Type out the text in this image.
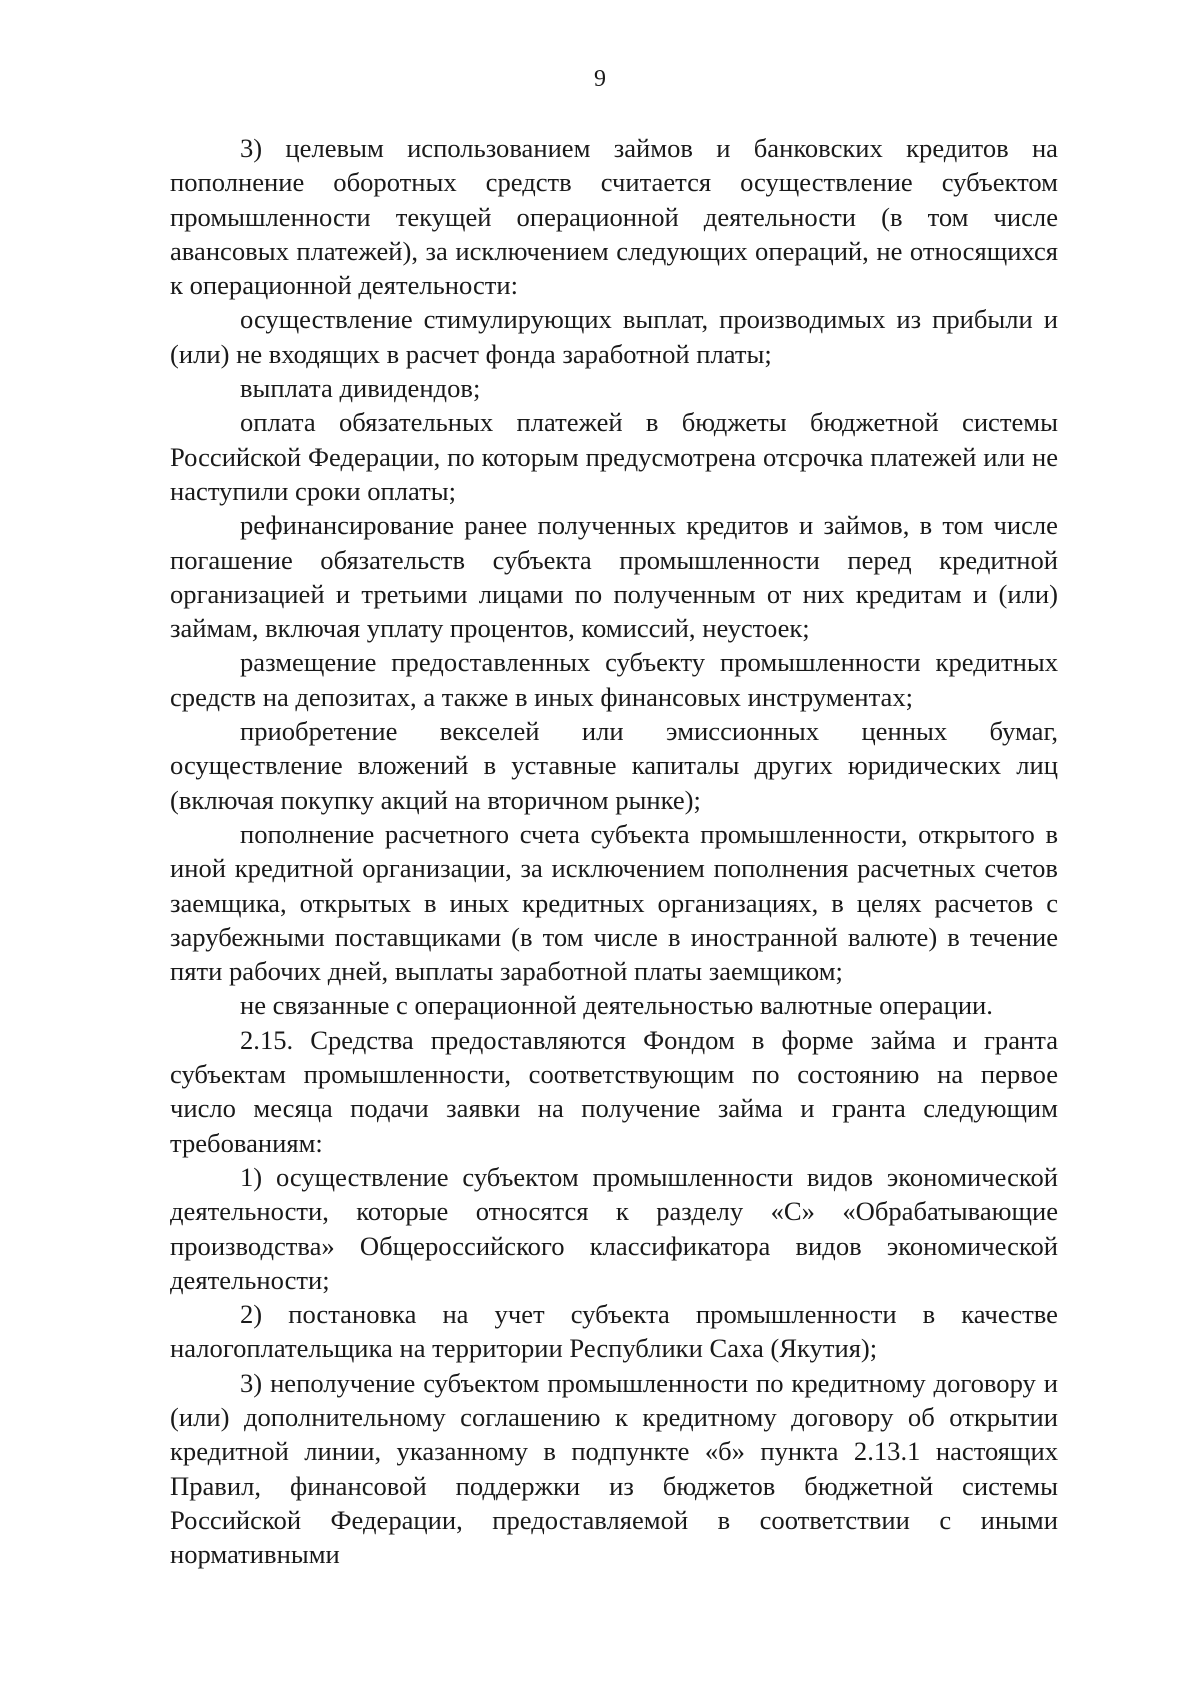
9

3) целевым использованием займов и банковских кредитов на пополнение оборотных средств считается осуществление субъектом промышленности текущей операционной деятельности (в том числе авансовых платежей), за исключением следующих операций, не относящихся к операционной деятельности:

осуществление стимулирующих выплат, производимых из прибыли и (или) не входящих в расчет фонда заработной платы;

выплата дивидендов;

оплата обязательных платежей в бюджеты бюджетной системы Российской Федерации, по которым предусмотрена отсрочка платежей или не наступили сроки оплаты;

рефинансирование ранее полученных кредитов и займов, в том числе погашение обязательств субъекта промышленности перед кредитной организацией и третьими лицами по полученным от них кредитам и (или) займам, включая уплату процентов, комиссий, неустоек;

размещение предоставленных субъекту промышленности кредитных средств на депозитах, а также в иных финансовых инструментах;

приобретение векселей или эмиссионных ценных бумаг, осуществление вложений в уставные капиталы других юридических лиц (включая покупку акций на вторичном рынке);

пополнение расчетного счета субъекта промышленности, открытого в иной кредитной организации, за исключением пополнения расчетных счетов заемщика, открытых в иных кредитных организациях, в целях расчетов с зарубежными поставщиками (в том числе в иностранной валюте) в течение пяти рабочих дней, выплаты заработной платы заемщиком;

не связанные с операционной деятельностью валютные операции.

2.15. Средства предоставляются Фондом в форме займа и гранта субъектам промышленности, соответствующим по состоянию на первое число месяца подачи заявки на получение займа и гранта следующим требованиям:

1) осуществление субъектом промышленности видов экономической деятельности, которые относятся к разделу «С» «Обрабатывающие производства» Общероссийского классификатора видов экономической деятельности;

2) постановка на учет субъекта промышленности в качестве налогоплательщика на территории Республики Саха (Якутия);

3) неполучение субъектом промышленности по кредитному договору и (или) дополнительному соглашению к кредитному договору об открытии кредитной линии, указанному в подпункте «б» пункта 2.13.1 настоящих Правил, финансовой поддержки из бюджетов бюджетной системы Российской Федерации, предоставляемой в соответствии с иными нормативными
